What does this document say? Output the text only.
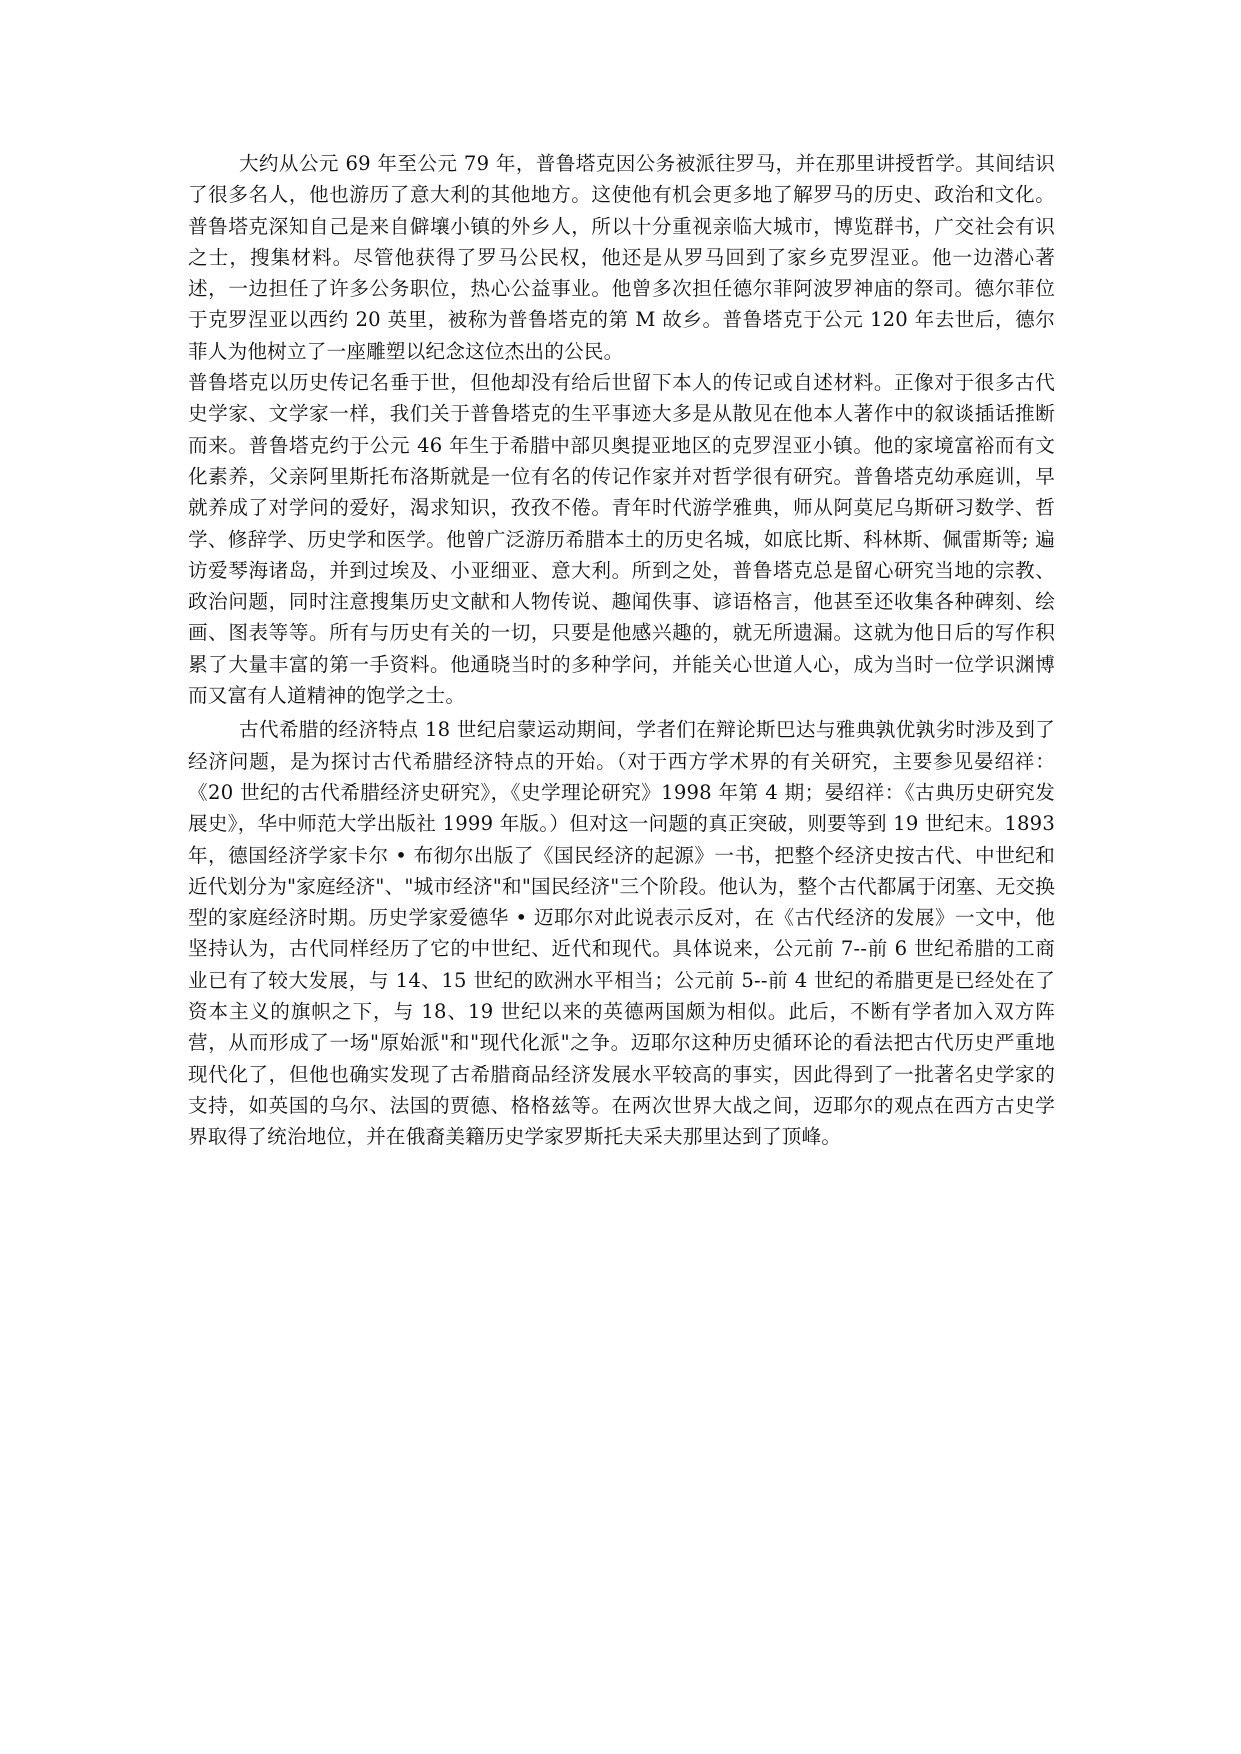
大约从公元 69 年至公元 79 年，普鲁塔克因公务被派往罗马，并在那里讲授哲学。其间结识了很多名人，他也游历了意大利的其他地方。这使他有机会更多地了解罗马的历史、政治和文化。普鲁塔克深知自己是来自僻壤小镇的外乡人，所以十分重视亲临大城市，博览群书，广交社会有识之士，搜集材料。尽管他获得了罗马公民权，他还是从罗马回到了家乡克罗涅亚。他一边潜心著述，一边担任了许多公务职位，热心公益事业。他曾多次担任德尔菲阿波罗神庙的祭司。德尔菲位于克罗涅亚以西约 20 英里，被称为普鲁塔克的第 M 故乡。普鲁塔克于公元 120 年去世后，德尔菲人为他树立了一座雕塑以纪念这位杰出的公民。

普鲁塔克以历史传记名垂于世，但他却没有给后世留下本人的传记或自述材料。正像对于很多古代史学家、文学家一样，我们关于普鲁塔克的生平事迹大多是从散见在他本人著作中的叙谈插话推断而来。普鲁塔克约于公元 46 年生于希腊中部贝奥提亚地区的克罗涅亚小镇。他的家境富裕而有文化素养，父亲阿里斯托布洛斯就是一位有名的传记作家并对哲学很有研究。普鲁塔克幼承庭训，早就养成了对学问的爱好，渴求知识，孜孜不倦。青年时代游学雅典，师从阿莫尼乌斯研习数学、哲学、修辞学、历史学和医学。他曾广泛游历希腊本土的历史名城，如底比斯、科林斯、佩雷斯等; 遍访爱琴海诸岛，并到过埃及、小亚细亚、意大利。所到之处，普鲁塔克总是留心研究当地的宗教、政治问题，同时注意搜集历史文献和人物传说、趣闻佚事、谚语格言，他甚至还收集各种碑刻、绘画、图表等等。所有与历史有关的一切，只要是他感兴趣的，就无所遗漏。这就为他日后的写作积累了大量丰富的第一手资料。他通晓当时的多种学问，并能关心世道人心，成为当时一位学识渊博而又富有人道精神的饱学之士。

古代希腊的经济特点 18 世纪启蒙运动期间，学者们在辩论斯巴达与雅典孰优孰劣时涉及到了经济问题，是为探讨古代希腊经济特点的开始。（对于西方学术界的有关研究，主要参见晏绍祥：《20 世纪的古代希腊经济史研究》，《史学理论研究》1998 年第 4 期；晏绍祥：《古典历史研究发展史》，华中师范大学出版社 1999 年版。）但对这一问题的真正突破，则要等到 19 世纪末。1893 年，德国经济学家卡尔 • 布彻尔出版了《国民经济的起源》一书，把整个经济史按古代、中世纪和近代划分为"家庭经济"、"城市经济"和"国民经济"三个阶段。他认为，整个古代都属于闭塞、无交换型的家庭经济时期。历史学家爱德华 • 迈耶尔对此说表示反对，在《古代经济的发展》一文中，他坚持认为，古代同样经历了它的中世纪、近代和现代。具体说来，公元前 7--前 6 世纪希腊的工商业已有了较大发展，与 14、15 世纪的欧洲水平相当；公元前 5--前 4 世纪的希腊更是已经处在了资本主义的旗帜之下，与 18、19 世纪以来的英德两国颇为相似。此后，不断有学者加入双方阵营，从而形成了一场"原始派"和"现代化派"之争。迈耶尔这种历史循环论的看法把古代历史严重地现代化了，但他也确实发现了古希腊商品经济发展水平较高的事实，因此得到了一批著名史学家的支持，如英国的乌尔、法国的贾德、格格兹等。在两次世界大战之间，迈耶尔的观点在西方古史学界取得了统治地位，并在俄裔美籍历史学家罗斯托夫采夫那里达到了顶峰。
